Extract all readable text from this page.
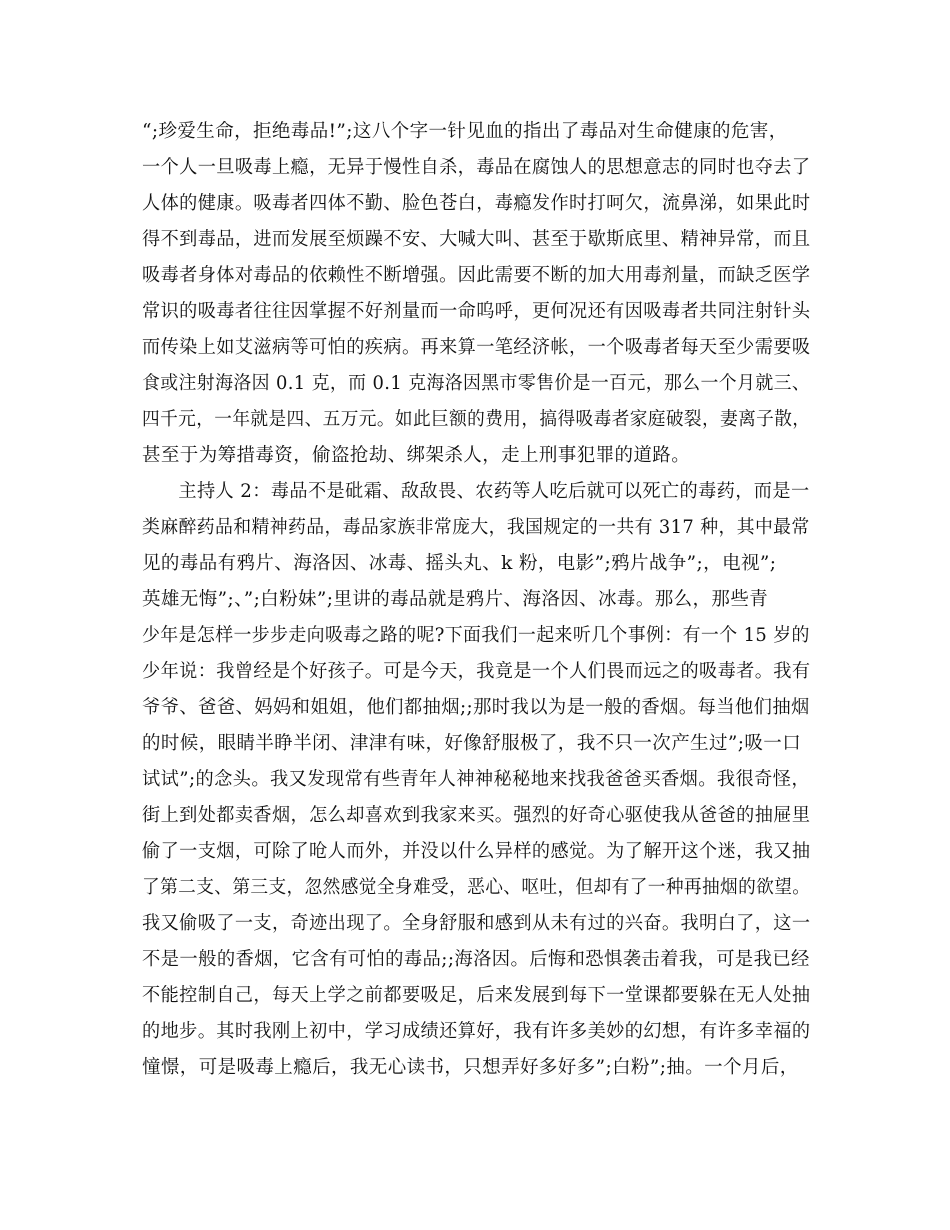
“;珍爱生命，拒绝毒品!”;这八个字一针见血的指出了毒品对生命健康的危害，
一个人一旦吸毒上瘾，无异于慢性自杀，毒品在腐蚀人的思想意志的同时也夺去了
人体的健康。吸毒者四体不勤、脸色苍白，毒瘾发作时打呵欠，流鼻涕，如果此时
得不到毒品，进而发展至烦躁不安、大喊大叫、甚至于歇斯底里、精神异常，而且
吸毒者身体对毒品的依赖性不断增强。因此需要不断的加大用毒剂量，而缺乏医学
常识的吸毒者往往因掌握不好剂量而一命呜呼，更何况还有因吸毒者共同注射针头
而传染上如艾滋病等可怕的疾病。再来算一笔经济帐，一个吸毒者每天至少需要吸
食或注射海洛因 0.1 克，而 0.1 克海洛因黑市零售价是一百元，那么一个月就三、
四千元，一年就是四、五万元。如此巨额的费用，搞得吸毒者家庭破裂，妻离子散，
甚至于为筹措毒资，偷盗抢劫、绑架杀人，走上刑事犯罪的道路。
主持人 2：毒品不是砒霜、敌敌畏、农药等人吃后就可以死亡的毒药，而是一
类麻醉药品和精神药品，毒品家族非常庞大，我国规定的一共有 317 种，其中最常
见的毒品有鸦片、海洛因、冰毒、摇头丸、k 粉，电影”;鸦片战争”;，电视”;
英雄无悔”;、”;白粉妹”;里讲的毒品就是鸦片、海洛因、冰毒。那么，那些青
少年是怎样一步步走向吸毒之路的呢?下面我们一起来听几个事例：有一个 15 岁的
少年说：我曾经是个好孩子。可是今天，我竟是一个人们畏而远之的吸毒者。我有
爷爷、爸爸、妈妈和姐姐，他们都抽烟;;那时我以为是一般的香烟。每当他们抽烟
的时候，眼睛半睁半闭、津津有味，好像舒服极了，我不只一次产生过”;吸一口
试试”;的念头。我又发现常有些青年人神神秘秘地来找我爸爸买香烟。我很奇怪，
街上到处都卖香烟，怎么却喜欢到我家来买。强烈的好奇心驱使我从爸爸的抽屉里
偷了一支烟，可除了呛人而外，并没以什么异样的感觉。为了解开这个迷，我又抽
了第二支、第三支，忽然感觉全身难受，恶心、呕吐，但却有了一种再抽烟的欲望。
我又偷吸了一支，奇迹出现了。全身舒服和感到从未有过的兴奋。我明白了，这一
不是一般的香烟，它含有可怕的毒品;;海洛因。后悔和恐惧袭击着我，可是我已经
不能控制自己，每天上学之前都要吸足，后来发展到每下一堂课都要躲在无人处抽
的地步。其时我刚上初中，学习成绩还算好，我有许多美妙的幻想，有许多幸福的
憧憬，可是吸毒上瘾后，我无心读书，只想弄好多好多”;白粉”;抽。一个月后，
